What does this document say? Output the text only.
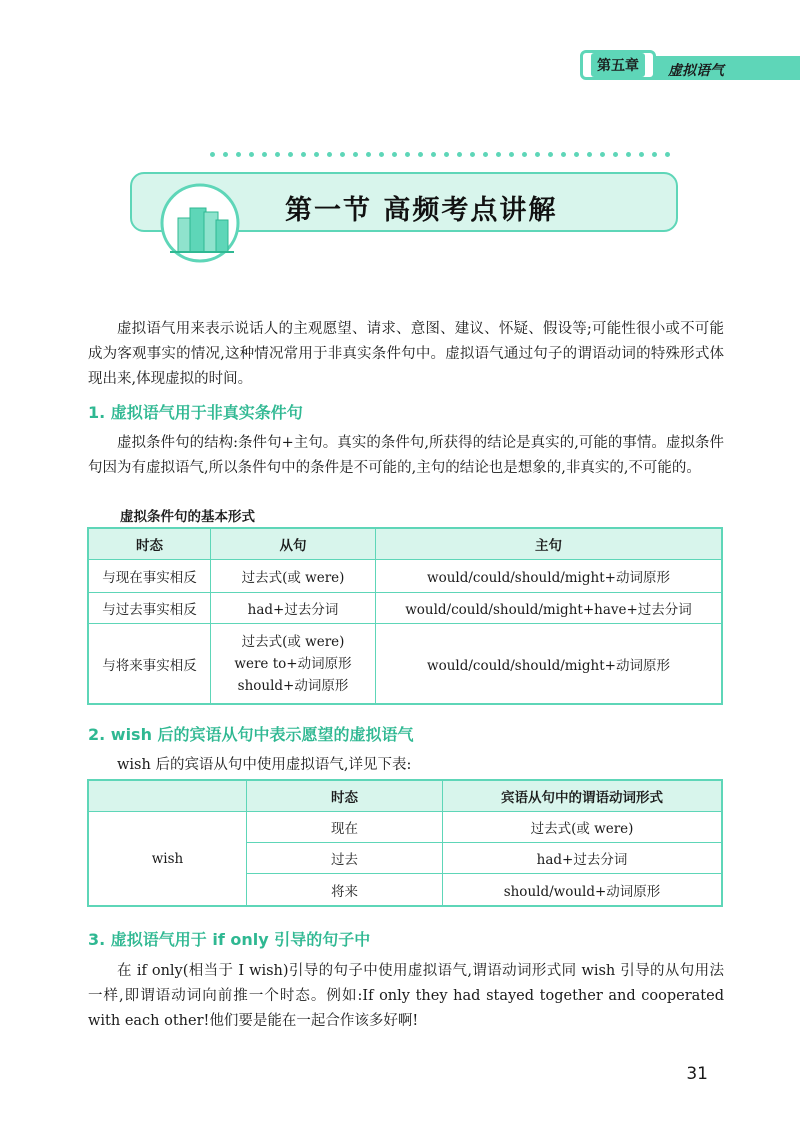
第五章	虚拟语气
第一节 高频考点讲解

虚拟语气用来表示说话人的主观愿望、请求、意图、建议、怀疑、假设等;可能性很小或不可能成为客观事实的情况,这种情况常用于非真实条件句中。虚拟语气通过句子的谓语动词的特殊形式体现出来,体现虚拟的时间。

1. 虚拟语气用于非真实条件句

虚拟条件句的结构:条件句+主句。真实的条件句,所获得的结论是真实的,可能的事情。虚拟条件句因为有虚拟语气,所以条件句中的条件是不可能的,主句的结论也是想象的,非真实的,不可能的。

虚拟条件句的基本形式
时态	从句	主句
与现在事实相反	过去式(或 were)	would/could/should/might+动词原形
与过去事实相反	had+过去分词	would/could/should/might+have+过去分词
与将来事实相反	过去式(或 were)
were to+动词原形
should+动词原形	would/could/should/might+动词原形
2. wish 后的宾语从句中表示愿望的虚拟语气

wish 后的宾语从句中使用虚拟语气,详见下表:

	时态	宾语从句中的谓语动词形式
wish	现在	过去式(或 were)
	过去	had+过去分词
	将来	should/would+动词原形
3. 虚拟语气用于 if only 引导的句子中

在 if only(相当于 I wish)引导的句子中使用虚拟语气,谓语动词形式同 wish 引导的从句用法一样,即谓语动词向前推一个时态。例如:If only they had stayed together and cooperated with each other!他们要是能在一起合作该多好啊!

31
